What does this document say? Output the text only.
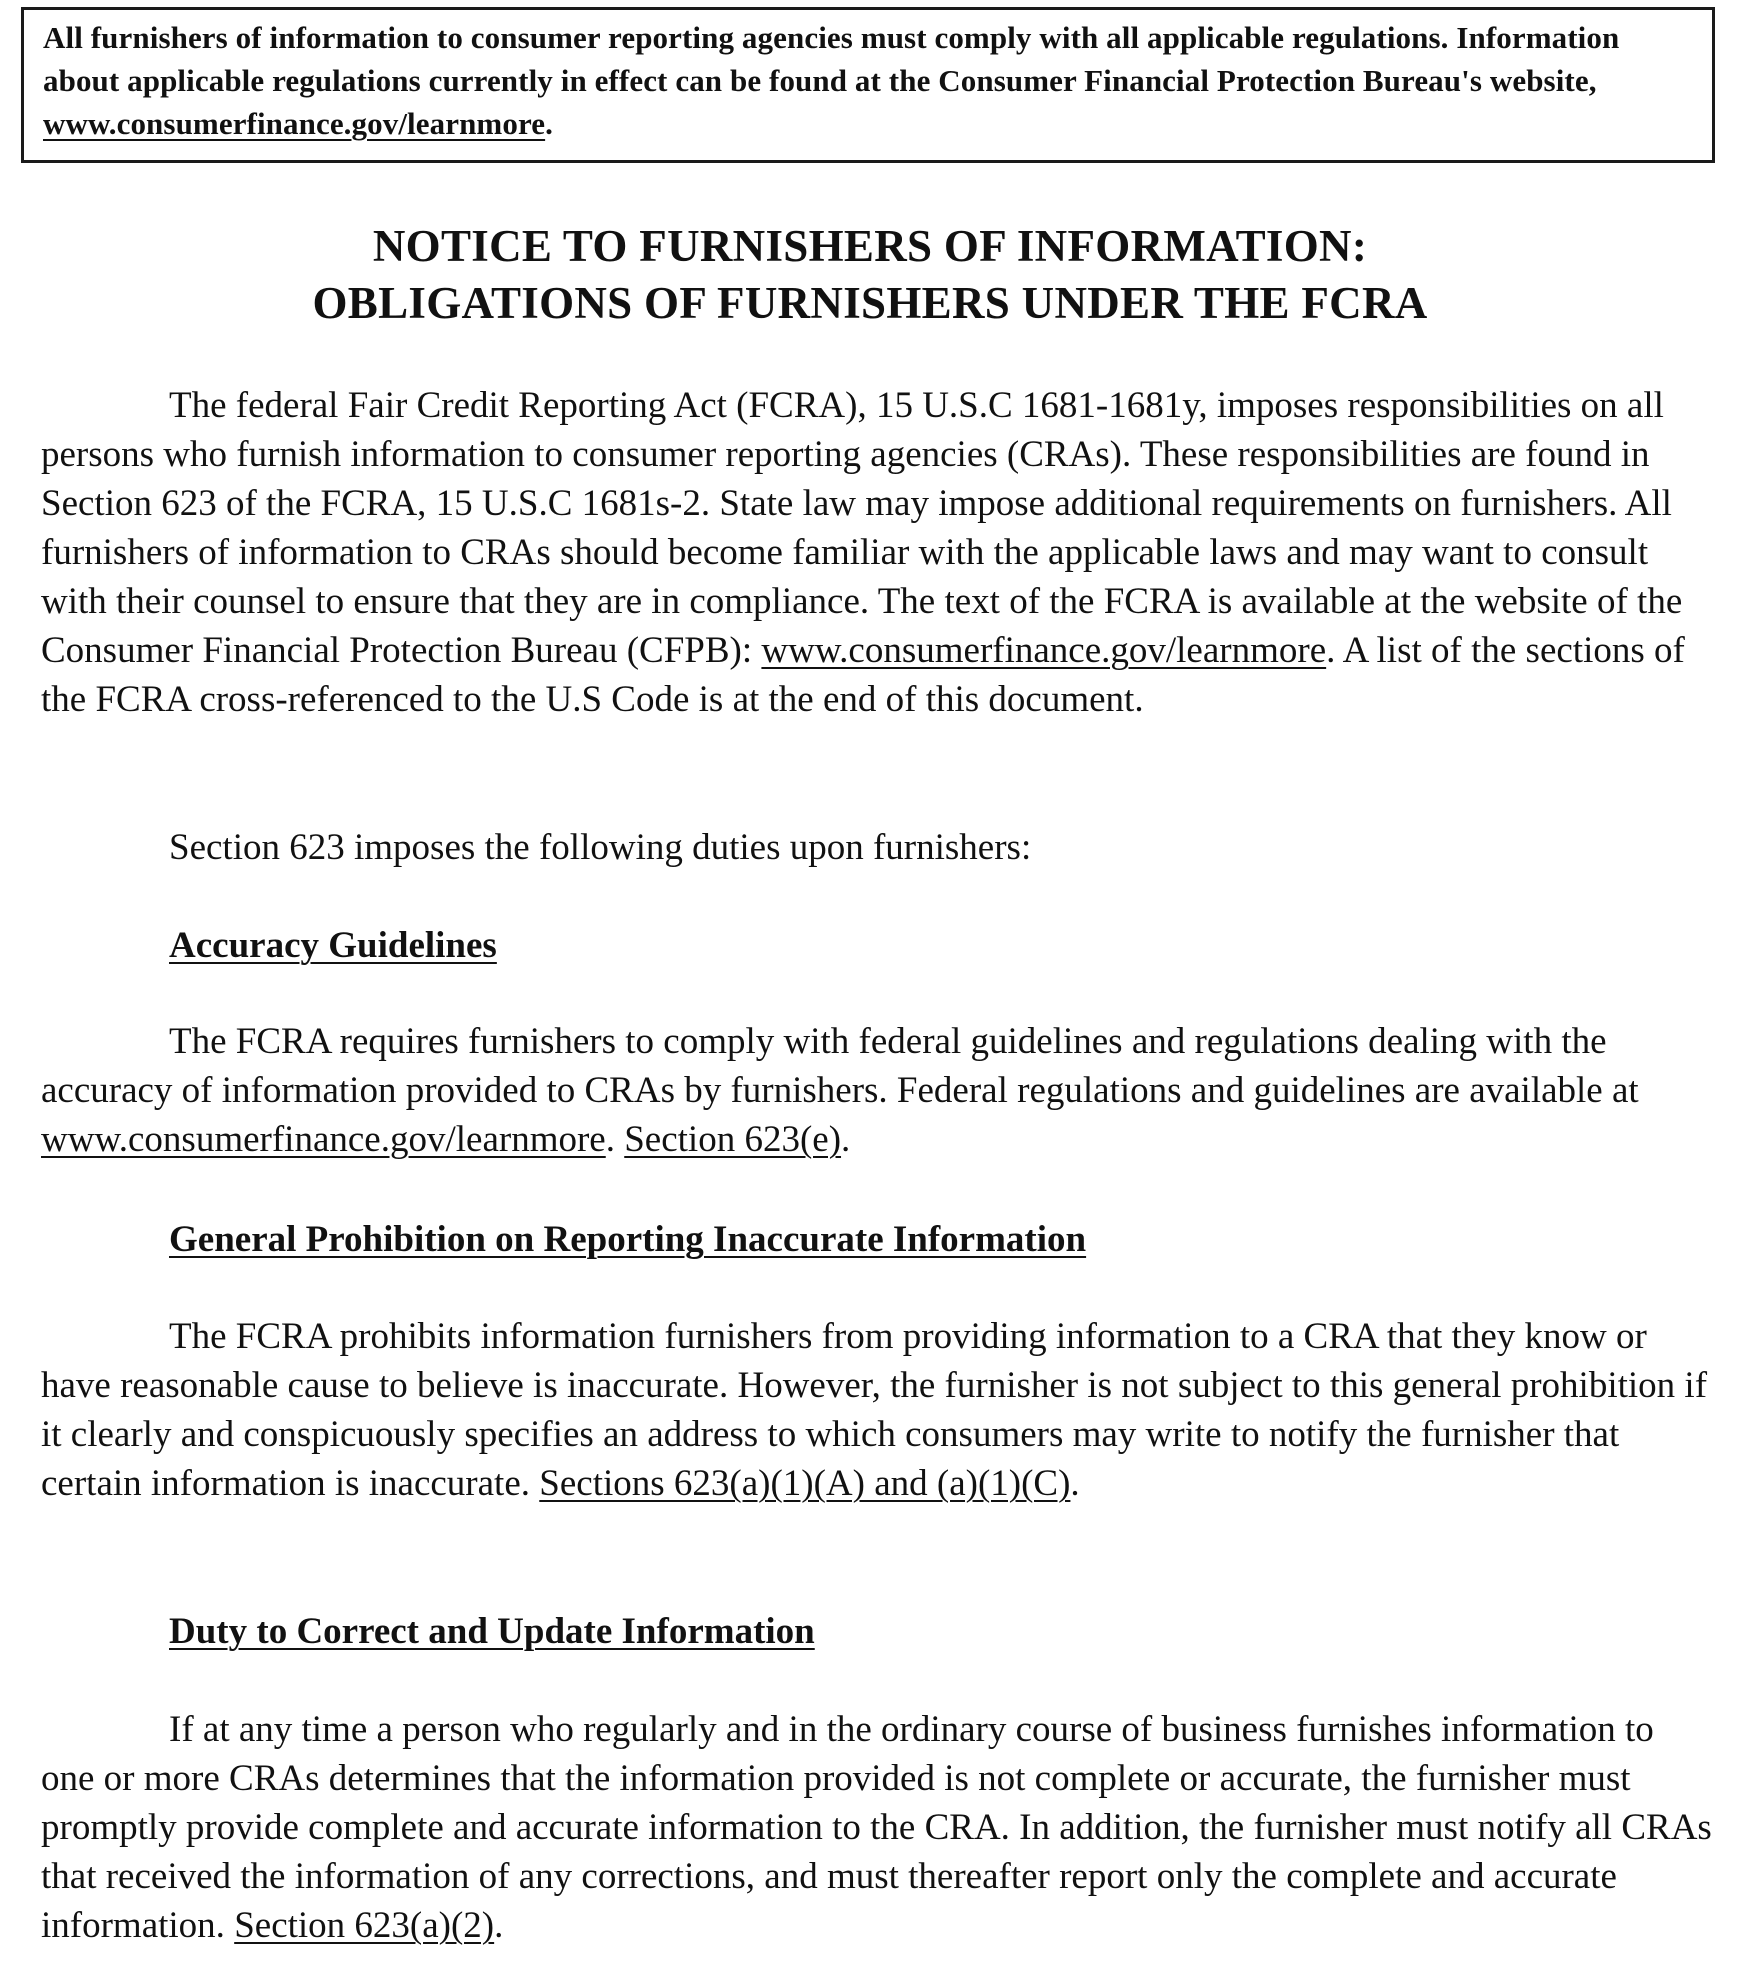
All furnishers of information to consumer reporting agencies must comply with all applicable regulations. Information about applicable regulations currently in effect can be found at the Consumer Financial Protection Bureau's website, www.consumerfinance.gov/learnmore.
NOTICE TO FURNISHERS OF INFORMATION:
OBLIGATIONS OF FURNISHERS UNDER THE FCRA

The federal Fair Credit Reporting Act (FCRA), 15 U.S.C 1681-1681y, imposes responsibilities on all persons who furnish information to consumer reporting agencies (CRAs). These responsibilities are found in Section 623 of the FCRA, 15 U.S.C 1681s-2. State law may impose additional requirements on furnishers. All furnishers of information to CRAs should become familiar with the applicable laws and may want to consult with their counsel to ensure that they are in compliance. The text of the FCRA is available at the website of the Consumer Financial Protection Bureau (CFPB): www.consumerfinance.gov/learnmore. A list of the sections of the FCRA cross-referenced to the U.S Code is at the end of this document.

Section 623 imposes the following duties upon furnishers:

Accuracy Guidelines

The FCRA requires furnishers to comply with federal guidelines and regulations dealing with the accuracy of information provided to CRAs by furnishers. Federal regulations and guidelines are available at www.consumerfinance.gov/learnmore. Section 623(e).

General Prohibition on Reporting Inaccurate Information

The FCRA prohibits information furnishers from providing information to a CRA that they know or have reasonable cause to believe is inaccurate. However, the furnisher is not subject to this general prohibition if it clearly and conspicuously specifies an address to which consumers may write to notify the furnisher that certain information is inaccurate. Sections 623(a)(1)(A) and (a)(1)(C).

Duty to Correct and Update Information

If at any time a person who regularly and in the ordinary course of business furnishes information to one or more CRAs determines that the information provided is not complete or accurate, the furnisher must promptly provide complete and accurate information to the CRA. In addition, the furnisher must notify all CRAs that received the information of any corrections, and must thereafter report only the complete and accurate information. Section 623(a)(2).
